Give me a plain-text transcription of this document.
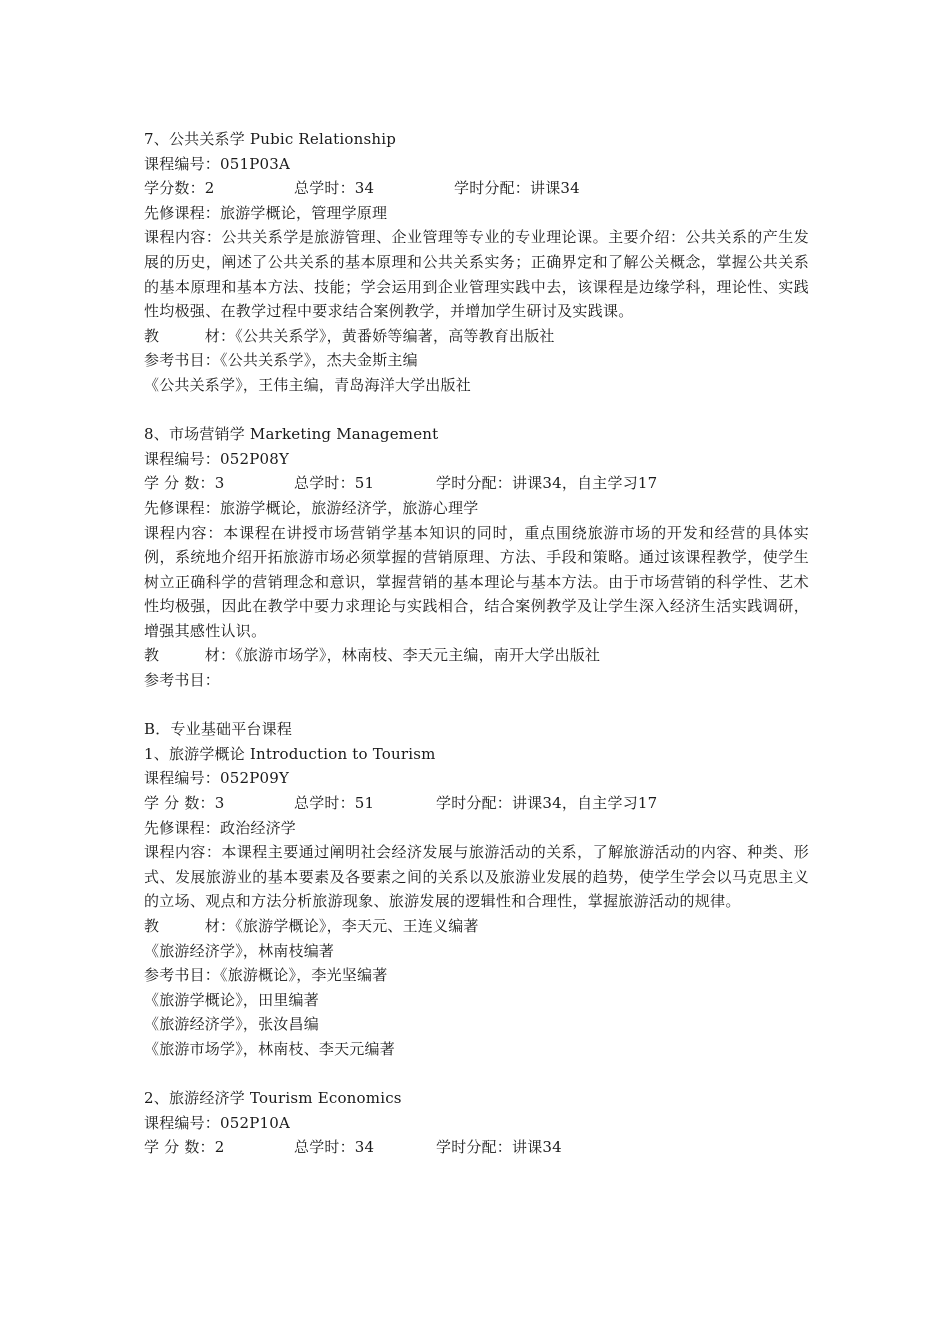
7、公共关系学 Pubic Relationship
课程编号：051P03A
学分数：2	总学时：34	学时分配：讲课34
先修课程：旅游学概论，管理学原理
课程内容：公共关系学是旅游管理、企业管理等专业的专业理论课。主要介绍：公共关系的产生发展的历史，阐述了公共关系的基本原理和公共关系实务；正确界定和了解公关概念，掌握公共关系的基本原理和基本方法、技能；学会运用到企业管理实践中去，该课程是边缘学科，理论性、实践性均极强、在教学过程中要求结合案例教学，并增加学生研讨及实践课。
教　　　材：《公共关系学》，黄番娇等编著，高等教育出版社
参考书目：《公共关系学》，杰夫金斯主编
《公共关系学》，王伟主编，青岛海洋大学出版社
8、市场营销学 Marketing Management
课程编号：052P08Y
学 分 数：3	总学时：51	学时分配：讲课34，自主学习17
先修课程：旅游学概论，旅游经济学，旅游心理学
课程内容：本课程在讲授市场营销学基本知识的同时，重点围绕旅游市场的开发和经营的具体实例，系统地介绍开拓旅游市场必须掌握的营销原理、方法、手段和策略。通过该课程教学，使学生树立正确科学的营销理念和意识，掌握营销的基本理论与基本方法。由于市场营销的科学性、艺术性均极强，因此在教学中要力求理论与实践相合，结合案例教学及让学生深入经济生活实践调研，增强其感性认识。
教　　　材：《旅游市场学》，林南枝、李天元主编，南开大学出版社
参考书目：
B．专业基础平台课程
1、旅游学概论 Introduction to Tourism
课程编号：052P09Y
学 分 数：3	总学时：51	学时分配：讲课34，自主学习17
先修课程：政治经济学
课程内容：本课程主要通过阐明社会经济发展与旅游活动的关系，了解旅游活动的内容、种类、形式、发展旅游业的基本要素及各要素之间的关系以及旅游业发展的趋势，使学生学会以马克思主义的立场、观点和方法分析旅游现象、旅游发展的逻辑性和合理性，掌握旅游活动的规律。
教　　　材：《旅游学概论》，李天元、王连义编著
《旅游经济学》，林南枝编著
参考书目：《旅游概论》，李光坚编著
《旅游学概论》，田里编著
《旅游经济学》，张汝昌编
《旅游市场学》，林南枝、李天元编著
2、旅游经济学 Tourism Economics
课程编号：052P10A
学 分 数：2	总学时：34	学时分配：讲课34
